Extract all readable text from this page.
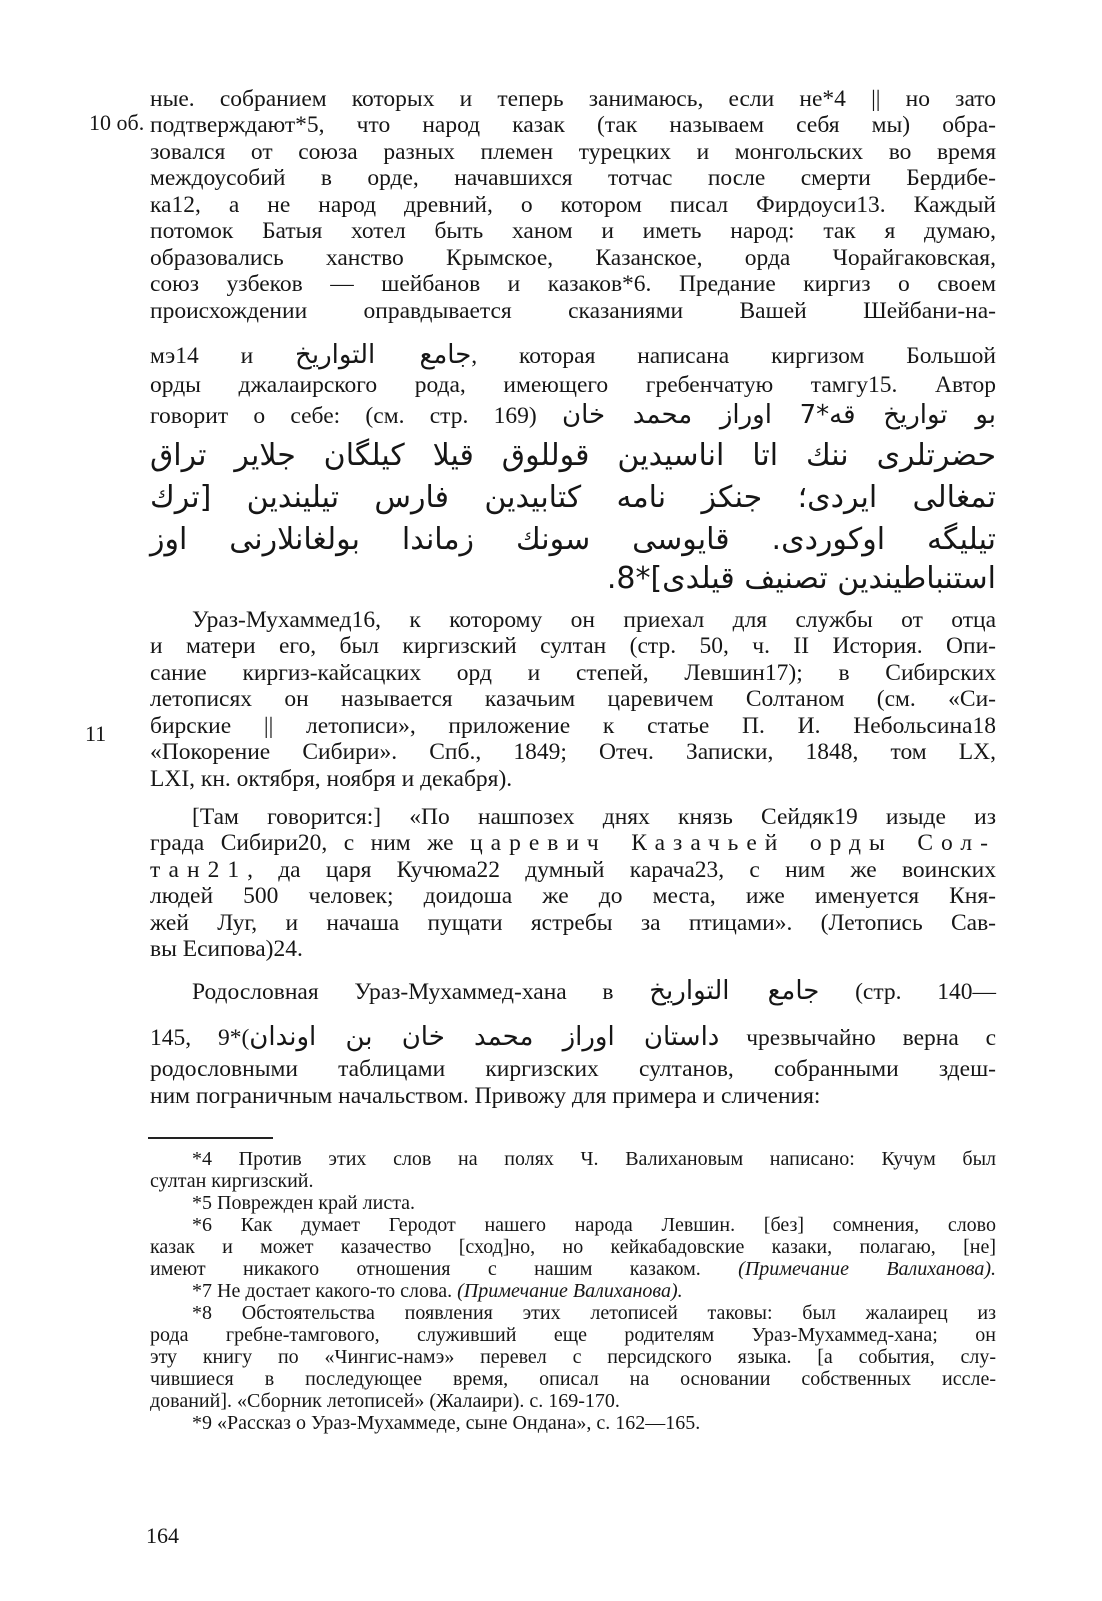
10 об.
11
ные. собранием которых и теперь занимаюсь, если не*4 || но зато
подтверждают*5, что народ казак (так называем себя мы) обра-
зовался от союза разных племен турецких и монгольских во время
междоусобий в орде, начавшихся тотчас после смерти Бердибе-
ка12, а не народ древний, о котором писал Фирдоуси13. Каждый
потомок Батыя хотел быть ханом и иметь народ: так я думаю,
образовались ханство Крымское, Казанское, орда Чорайгаковская,
союз узбеков — шейбанов и казаков*6. Предание киргиз о своем
происхождении оправдывается сказаниями Вашей Шейбани-на-
мэ14 и جامع التواريخ, которая написана киргизом Большой
орды джалаирского рода, имеющего гребенчатую тамгу15. Автор
говорит о себе: (см. стр. 169) بو تواريخ قه*7 اوراز محمد خان
حضرتلری ننك اتا اناسیدین قوللوق قیلا کیلگان جلایر تراق
تمغالی ایردی؛ جنکز نامه کتابیدین فارس تیلیندین [ترك
تیلیگه اوکوردی. قایوسی سونك زماندا بولغانلارنی اوز
استنباطیندین تصنیف قیلدی]*8.
Ураз-Мухаммед16, к которому он приехал для службы от отца
и матери его, был киргизский султан (стр. 50, ч. II История. Опи-
сание киргиз-кайсацких орд и степей, Левшин17); в Сибирских
летописях он называется казачьим царевичем Солтаном (см. «Си-
бирские || летописи», приложение к статье П. И. Небольсина18
«Покорение Сибири». Спб., 1849; Отеч. Записки, 1848, том LX,
LXI, кн. октября, ноября и декабря).
[Там говорится:] «По нашпозех днях князь Сейдяк19 изыде из
града Сибири20, с ним же царевич Казачьей орды Сол-
тан21, да царя Кучюма22 думный карача23, с ним же воинских
людей 500 человек; доидоша же до места, иже именуется Кня-
жей Луг, и начаша пущати ястребы за птицами». (Летопись Сав-
вы Есипова)24.
Родословная Ураз-Мухаммед-хана в جامع التواريخ (стр. 140—
145, داستان اوراز محمد خان بن اوندان)*9 чрезвычайно верна с
родословными таблицами киргизских султанов, собранными здеш-
ним пограничным начальством. Привожу для примера и сличения:
*4 Против этих слов на полях Ч. Валихановым написано: Кучум был
султан киргизский.
*5 Поврежден край листа.
*6 Как думает Геродот нашего народа Левшин. [без] сомнения, слово
казак и может казачество [сход]но, но кейкабадовские казаки, полагаю, [не]
имеют никакого отношения с нашим казаком. (Примечание Валиханова).
*7 Не достает какого-то слова. (Примечание Валиханова).
*8 Обстоятельства появления этих летописей таковы: был жалаирец из
рода гребне-тамгового, служивший еще родителям Ураз-Мухаммед-хана; он
эту книгу по «Чингис-намэ» перевел с персидского языка. [а события, слу-
чившиеся в последующее время, описал на основании собственных иссле-
дований]. «Сборник летописей» (Жалаири). с. 169-170.
*9 «Рассказ о Ураз-Мухаммеде, сыне Ондана», с. 162—165.
164
